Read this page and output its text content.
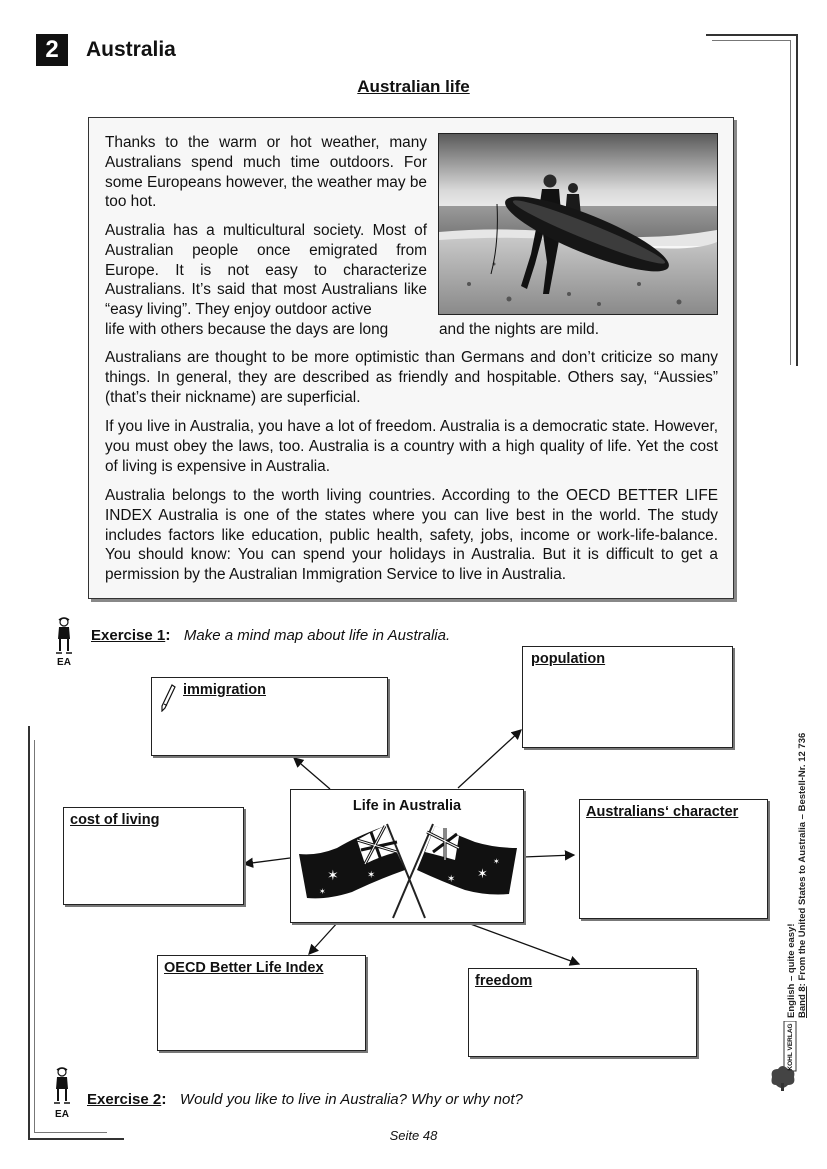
2	Australia
Australian life
Thanks to the warm or hot weather, many Australians spend much time outdoors. For some Europeans however, the weather may be too hot.
Australia has a multicultural society. Most of Australian people once emigrated from Europe. It is not easy to characterize Australians. It’s said that most Australians like “easy living”. They enjoy outdoor active
life with others because the days are long	and the nights are mild.
Australians are thought to be more optimistic than Germans and don’t criticize so many things. In general, they are described as friendly and hospitable. Others say, “Aussies” (that’s their nickname) are superficial.
If you live in Australia, you have a lot of freedom. Australia is a democratic state. However, you must obey the laws, too. Australia is a country with a high quality of life. Yet the cost of living is expensive in Australia.
Australia belongs to the worth living countries. According to the OECD BETTER LIFE INDEX Australia is one of the states where you can live best in the world. The study includes factors like education, public health, safety, jobs, income or work-life-balance. You should know: You can spend your holidays in Australia. But it is difficult to get a permission by the Australian Immigration Service to live in Australia.
EA
Exercise 1: Make a mind map about life in Australia.
immigration
population
cost of living
Life in Australia
✶	✶
✶
✶
✶
✶
Australians‘ character
OECD Better Life Index
freedom
EA
Exercise 2: Would you like to live in Australia? Why or why not?
English – quite easy! Band 8: From the United States to Australia – Bestell-Nr. 12 736
KOHL VERLAG
Seite 48
